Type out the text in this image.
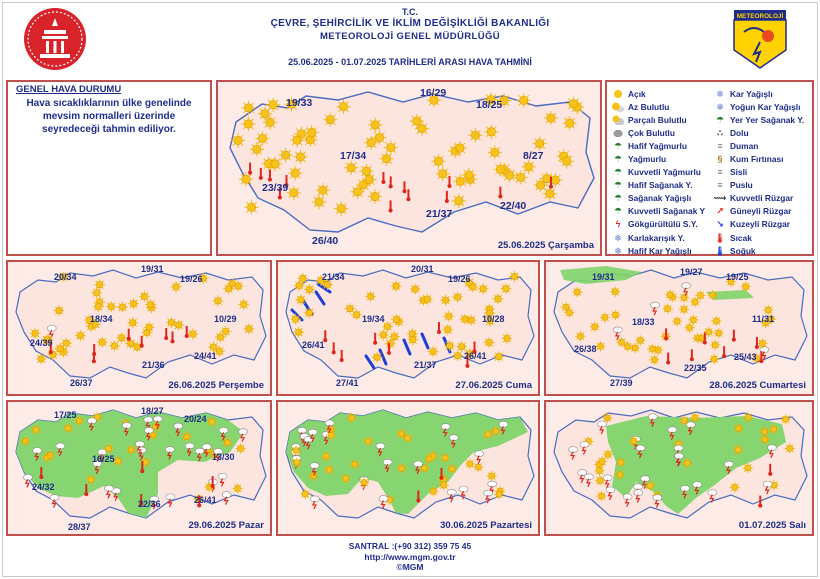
T.C.
ÇEVRE, ŞEHİRCİLİK VE İKLİM DEĞİŞİKLİĞİ BAKANLIĞI
METEOROLOJİ GENEL MÜDÜRLÜĞÜ
25.06.2025 - 01.07.2025 TARİHLERİ ARASI HAVA TAHMİNİ
METEOROLOJİ
GENEL HAVA DURUMU
Hava sıcaklıklarının ülke genelinde mevsim normalleri üzerinde seyredeceği tahmin ediliyor.
19/33
16/29
18/25
17/34	8/27
23/39
21/37
22/40
26/40	25.06.2025 Çarşamba
Açık
Az Bulutlu
Parçalı Bulutlu
Çok Bulutlu
☂ Hafif Yağmurlu
☂ Yağmurlu
☂ Kuvvetli Yağmurlu
☂ Hafif Sağanak Y.
☂ Sağanak Yağışlı
☂ Kuvvetli Sağanak Y
ϟ Gökgürültülü S.Y.
❄ Karlakarışık Y.
❄ Hafif Kar Yağışlı
❄ Kar Yağışlı
❄ Yoğun Kar Yağışlı
☂ Yer Yer Sağanak Y.
∴ Dolu
≡ Duman
§ Kum Fırtınası
≡ Sisli
≡ Puslu
⟿ Kuvvetli Rüzgar
↗ Güneyli Rüzgar
↘ Kuzeyli Rüzgar
🌡 Sıcak
🌡 Soğuk
20/34
19/31
19/26
18/34	10/29
24/39
21/36
24/41
26/37	26.06.2025 Perşembe
21/34
20/31
19/26
19/34	10/28
26/41
21/37
26/41
27/41	27.06.2025 Cuma
19/31	19/27	19/25
18/33	11/31
26/38
22/35
25/43
27/39	28.06.2025 Cumartesi
17/25	18/27
20/24
16/25	13/30
24/32
22/36	26/41
28/37	29.06.2025 Pazar	30.06.2025 Pazartesi	01.07.2025 Salı
SANTRAL :(+90 312) 359 75 45
http://www.mgm.gov.tr
©MGM
